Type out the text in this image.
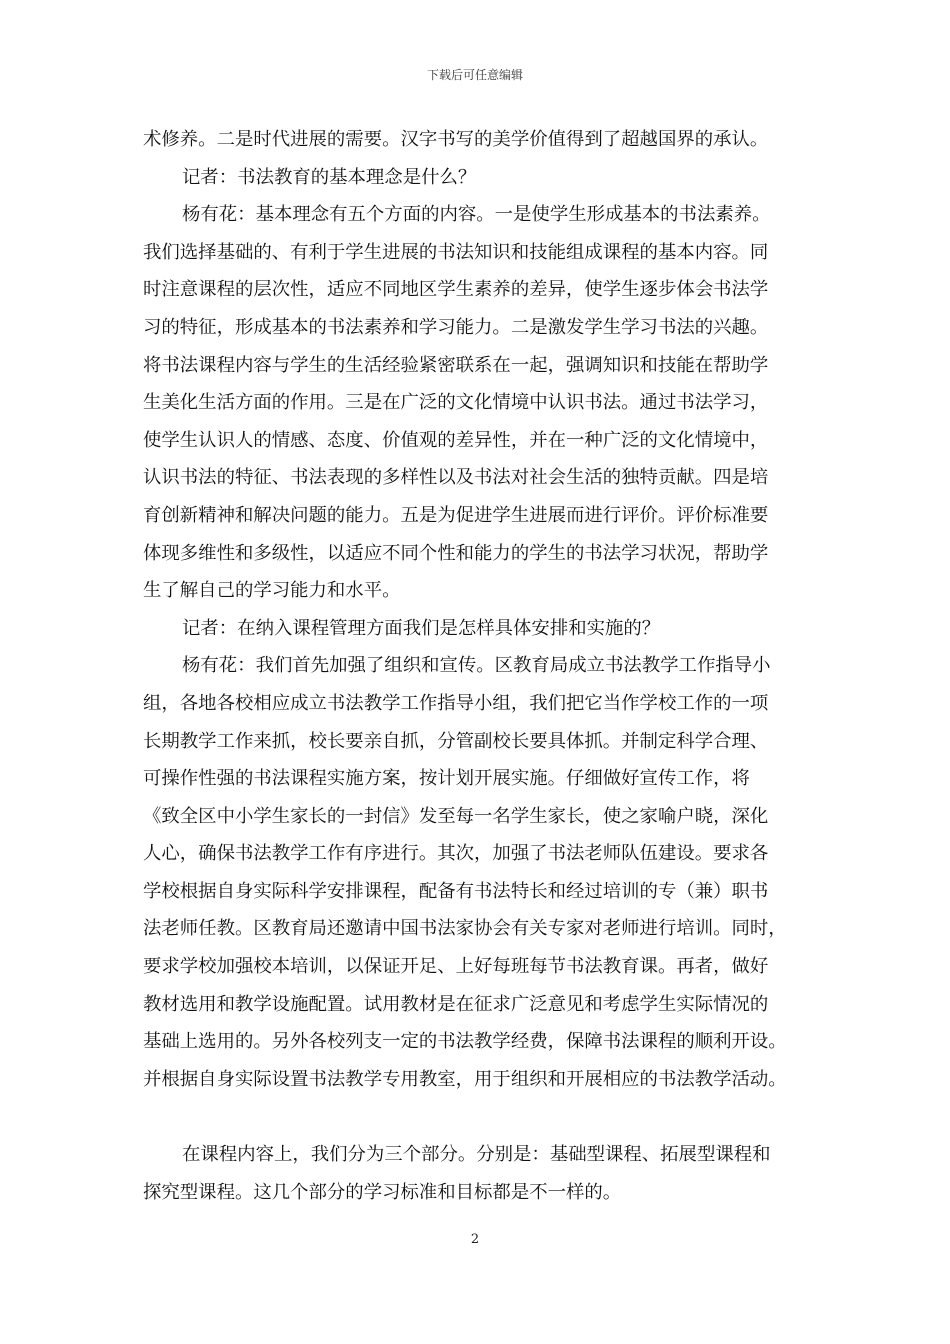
下载后可任意编辑
术修养。二是时代进展的需要。汉字书写的美学价值得到了超越国界的承认。
记者：书法教育的基本理念是什么？
杨有花：基本理念有五个方面的内容。一是使学生形成基本的书法素养。
我们选择基础的、有利于学生进展的书法知识和技能组成课程的基本内容。同
时注意课程的层次性，适应不同地区学生素养的差异，使学生逐步体会书法学
习的特征，形成基本的书法素养和学习能力。二是激发学生学习书法的兴趣。
将书法课程内容与学生的生活经验紧密联系在一起，强调知识和技能在帮助学
生美化生活方面的作用。三是在广泛的文化情境中认识书法。通过书法学习，
使学生认识人的情感、态度、价值观的差异性，并在一种广泛的文化情境中，
认识书法的特征、书法表现的多样性以及书法对社会生活的独特贡献。四是培
育创新精神和解决问题的能力。五是为促进学生进展而进行评价。评价标准要
体现多维性和多级性，以适应不同个性和能力的学生的书法学习状况，帮助学
生了解自己的学习能力和水平。
记者：在纳入课程管理方面我们是怎样具体安排和实施的？
杨有花：我们首先加强了组织和宣传。区教育局成立书法教学工作指导小
组，各地各校相应成立书法教学工作指导小组，我们把它当作学校工作的一项
长期教学工作来抓，校长要亲自抓，分管副校长要具体抓。并制定科学合理、
可操作性强的书法课程实施方案，按计划开展实施。仔细做好宣传工作，将
《致全区中小学生家长的一封信》发至每一名学生家长，使之家喻户晓，深化
人心，确保书法教学工作有序进行。其次，加强了书法老师队伍建设。要求各
学校根据自身实际科学安排课程，配备有书法特长和经过培训的专（兼）职书
法老师任教。区教育局还邀请中国书法家协会有关专家对老师进行培训。同时，
要求学校加强校本培训，以保证开足、上好每班每节书法教育课。再者，做好
教材选用和教学设施配置。试用教材是在征求广泛意见和考虑学生实际情况的
基础上选用的。另外各校列支一定的书法教学经费，保障书法课程的顺利开设。
并根据自身实际设置书法教学专用教室，用于组织和开展相应的书法教学活动。
在课程内容上，我们分为三个部分。分别是：基础型课程、拓展型课程和
探究型课程。这几个部分的学习标准和目标都是不一样的。
2
